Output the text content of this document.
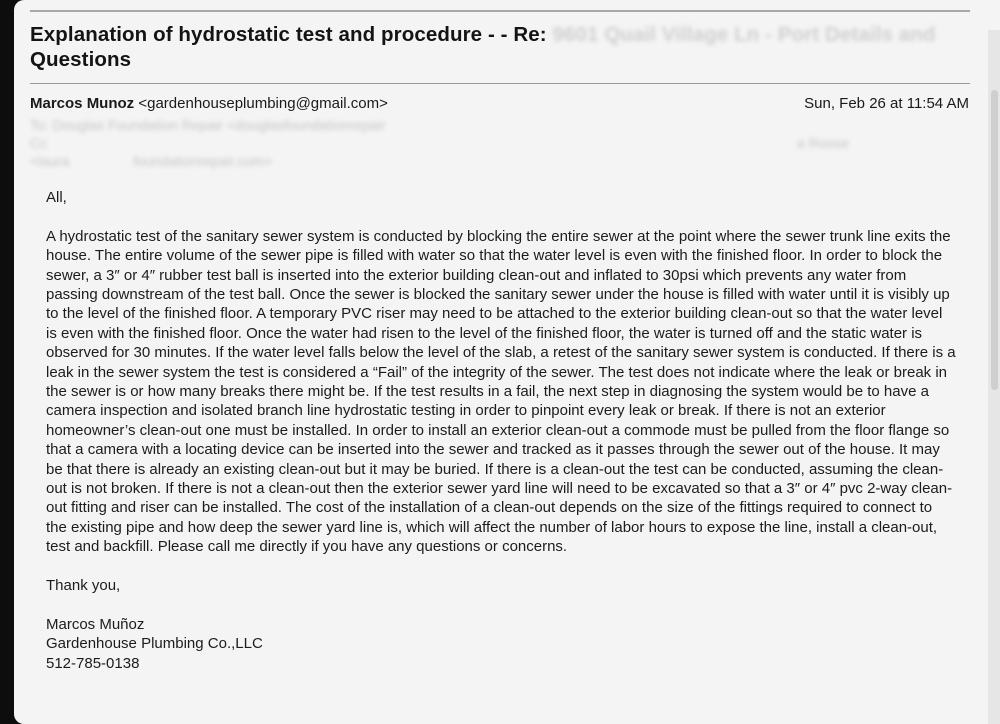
Explanation of hydrostatic test and procedure - - Re: 9601 Quail Village Ln - Port Details and
Questions
Marcos Munoz <gardenhouseplumbing@gmail.com>	Sun, Feb 26 at 11:54 AM
To: Douglas Foundation Repair <douglasfoundationrepair
Cc	a Roose
<laura	foundationrepair.com>

All,

A hydrostatic test of the sanitary sewer system is conducted by blocking the entire sewer at the point where the sewer trunk line exits the house. The entire volume of the sewer pipe is filled with water so that the water level is even with the finished floor. In order to block the sewer, a 3″ or 4″ rubber test ball is inserted into the exterior building clean-out and inflated to 30psi which prevents any water from passing downstream of the test ball. Once the sewer is blocked the sanitary sewer under the house is filled with water until it is visibly up to the level of the finished floor. A temporary PVC riser may need to be attached to the exterior building clean-out so that the water level is even with the finished floor. Once the water had risen to the level of the finished floor, the water is turned off and the static water is observed for 30 minutes. If the water level falls below the level of the slab, a retest of the sanitary sewer system is conducted. If there is a leak in the sewer system the test is considered a “Fail” of the integrity of the sewer. The test does not indicate where the leak or break in the sewer is or how many breaks there might be. If the test results in a fail, the next step in diagnosing the system would be to have a camera inspection and isolated branch line hydrostatic testing in order to pinpoint every leak or break. If there is not an exterior homeowner’s clean-out one must be installed. In order to install an exterior clean-out a commode must be pulled from the floor flange so that a camera with a locating device can be inserted into the sewer and tracked as it passes through the sewer out of the house. It may be that there is already an existing clean-out but it may be buried. If there is a clean-out the test can be conducted, assuming the clean-out is not broken. If there is not a clean-out then the exterior sewer yard line will need to be excavated so that a 3″ or 4″ pvc 2-way clean-out fitting and riser can be installed. The cost of the installation of a clean-out depends on the size of the fittings required to connect to the existing pipe and how deep the sewer yard line is, which will affect the number of labor hours to expose the line, install a clean-out, test and backfill. Please call me directly if you have any questions or concerns.

Thank you,

Marcos Muñoz

Gardenhouse Plumbing Co.,LLC

512-785-0138
